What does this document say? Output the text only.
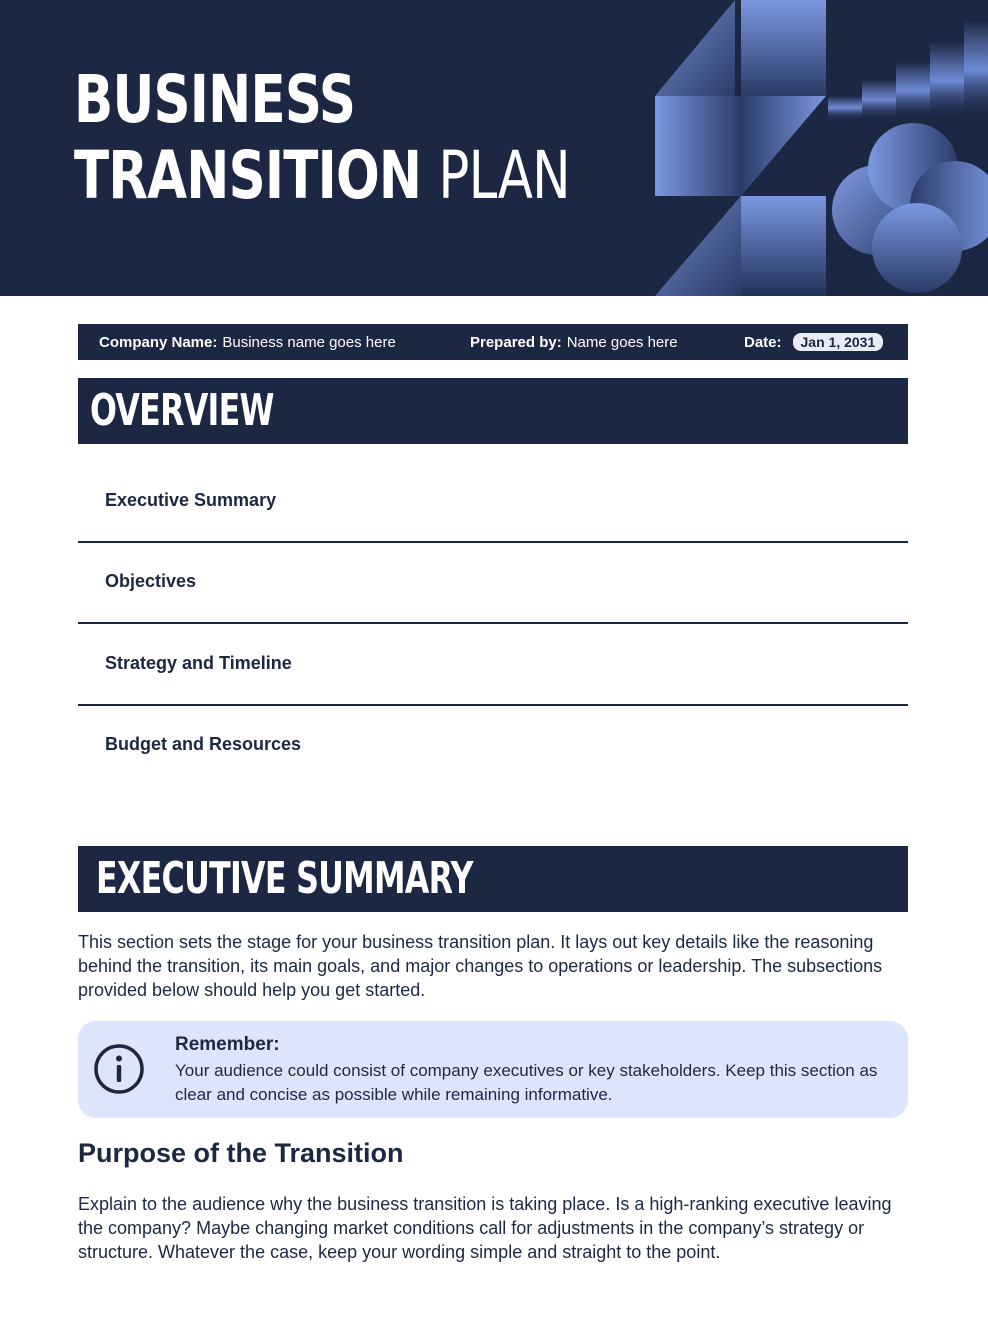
BUSINESS
TRANSITION PLAN
Company Name: Business name goes here	Prepared by: Name goes here	Date:	Jan 1, 2031
OVERVIEW
Executive Summary
Objectives
Strategy and Timeline
Budget and Resources
EXECUTIVE SUMMARY

This section sets the stage for your business transition plan. It lays out key details like the reasoning behind the transition, its main goals, and major changes to operations or leadership. The subsections provided below should help you get started.

Remember:
Your audience could consist of company executives or key stakeholders. Keep this section as clear and concise as possible while remaining informative.
Purpose of the Transition

Explain to the audience why the business transition is taking place. Is a high-ranking executive leaving the company? Maybe changing market conditions call for adjustments in the company’s strategy or structure. Whatever the case, keep your wording simple and straight to the point.
